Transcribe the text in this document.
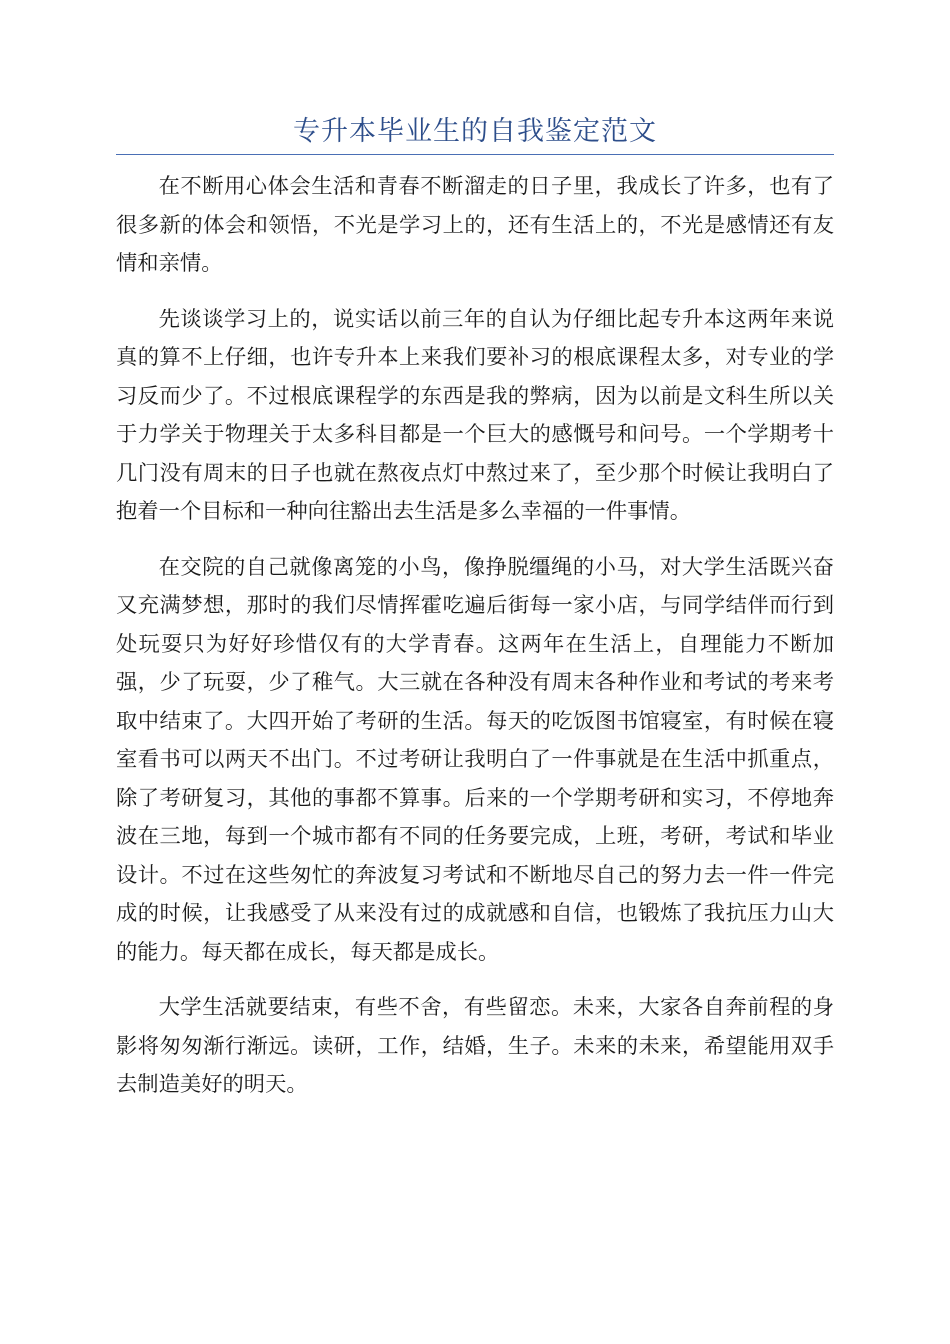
专升本毕业生的自我鉴定范文

在不断用心体会生活和青春不断溜走的日子里，我成长了许多，也有了很多新的体会和领悟，不光是学习上的，还有生活上的，不光是感情还有友情和亲情。

先谈谈学习上的，说实话以前三年的自认为仔细比起专升本这两年来说真的算不上仔细，也许专升本上来我们要补习的根底课程太多，对专业的学习反而少了。不过根底课程学的东西是我的弊病，因为以前是文科生所以关于力学关于物理关于太多科目都是一个巨大的感慨号和问号。一个学期考十几门没有周末的日子也就在熬夜点灯中熬过来了，至少那个时候让我明白了抱着一个目标和一种向往豁出去生活是多么幸福的一件事情。

在交院的自己就像离笼的小鸟，像挣脱缰绳的小马，对大学生活既兴奋又充满梦想，那时的我们尽情挥霍吃遍后街每一家小店，与同学结伴而行到处玩耍只为好好珍惜仅有的大学青春。这两年在生活上，自理能力不断加强，少了玩耍，少了稚气。大三就在各种没有周末各种作业和考试的考来考取中结束了。大四开始了考研的生活。每天的吃饭图书馆寝室，有时候在寝室看书可以两天不出门。不过考研让我明白了一件事就是在生活中抓重点，除了考研复习，其他的事都不算事。后来的一个学期考研和实习，不停地奔波在三地，每到一个城市都有不同的任务要完成，上班，考研，考试和毕业设计。不过在这些匆忙的奔波复习考试和不断地尽自己的努力去一件一件完成的时候，让我感受了从来没有过的成就感和自信，也锻炼了我抗压力山大的能力。每天都在成长，每天都是成长。

大学生活就要结束，有些不舍，有些留恋。未来，大家各自奔前程的身影将匆匆渐行渐远。读研，工作，结婚，生子。未来的未来，希望能用双手去制造美好的明天。
